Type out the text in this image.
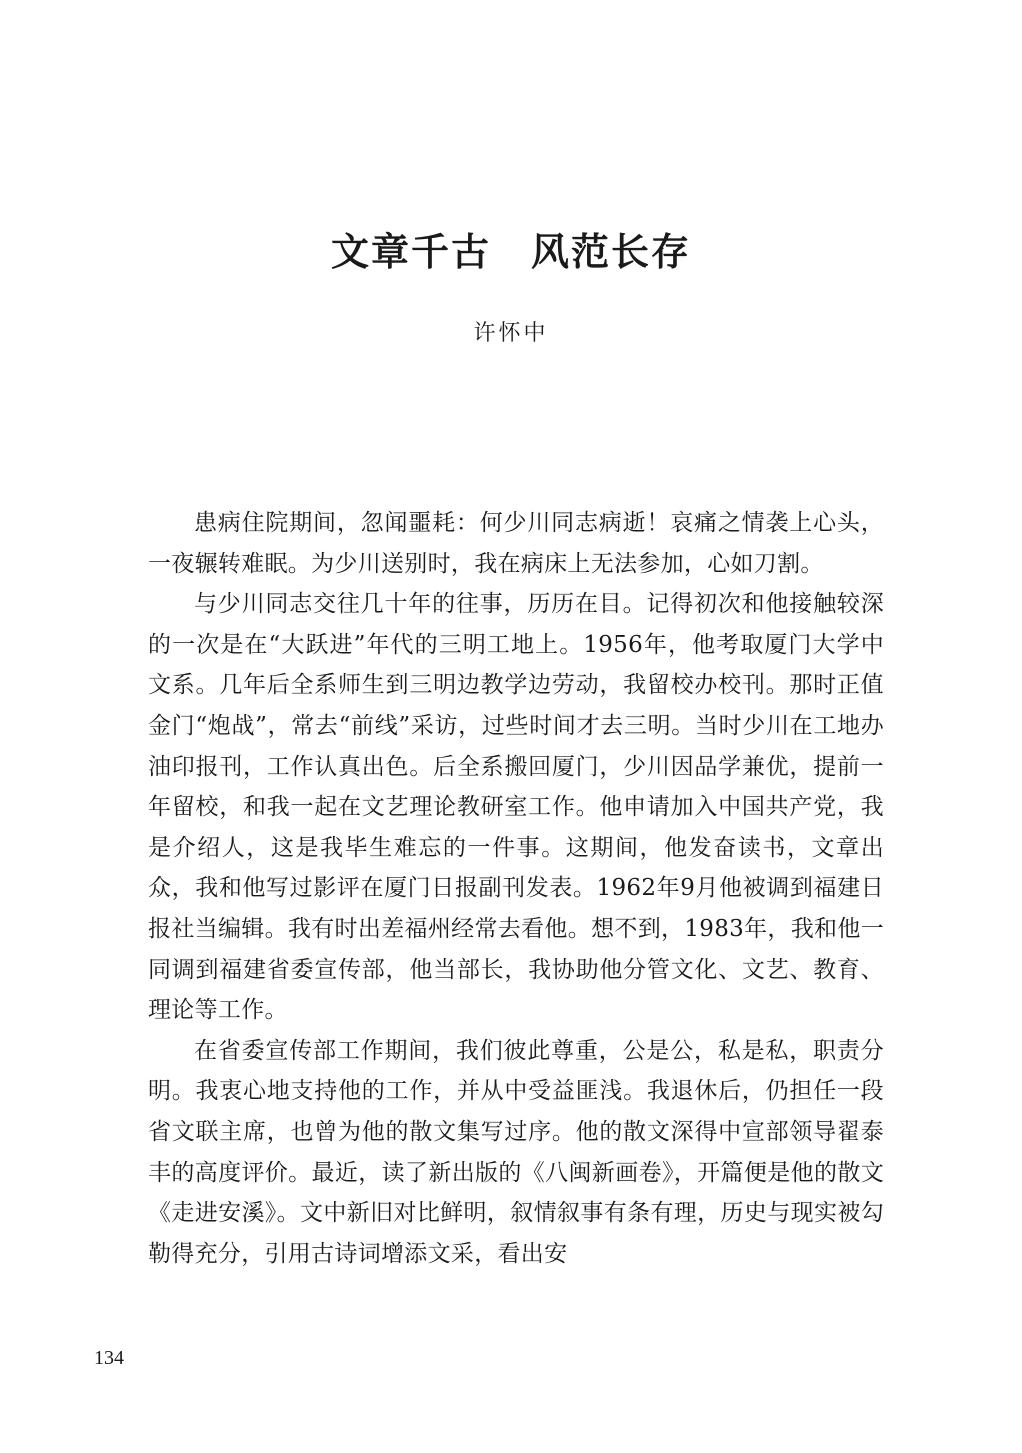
文章千古　风范长存
许怀中

患病住院期间，忽闻噩耗：何少川同志病逝！哀痛之情袭上心头，一夜辗转难眠。为少川送别时，我在病床上无法参加，心如刀割。

与少川同志交往几十年的往事，历历在目。记得初次和他接触较深的一次是在“大跃进”年代的三明工地上。1956年，他考取厦门大学中文系。几年后全系师生到三明边教学边劳动，我留校办校刊。那时正值金门“炮战”，常去“前线”采访，过些时间才去三明。当时少川在工地办油印报刊，工作认真出色。后全系搬回厦门，少川因品学兼优，提前一年留校，和我一起在文艺理论教研室工作。他申请加入中国共产党，我是介绍人，这是我毕生难忘的一件事。这期间，他发奋读书，文章出众，我和他写过影评在厦门日报副刊发表。1962年9月他被调到福建日报社当编辑。我有时出差福州经常去看他。想不到，1983年，我和他一同调到福建省委宣传部，他当部长，我协助他分管文化、文艺、教育、理论等工作。

在省委宣传部工作期间，我们彼此尊重，公是公，私是私，职责分明。我衷心地支持他的工作，并从中受益匪浅。我退休后，仍担任一段省文联主席，也曾为他的散文集写过序。他的散文深得中宣部领导翟泰丰的高度评价。最近，读了新出版的《八闽新画卷》，开篇便是他的散文《走进安溪》。文中新旧对比鲜明，叙情叙事有条有理，历史与现实被勾勒得充分，引用古诗词增添文采，看出安

134
